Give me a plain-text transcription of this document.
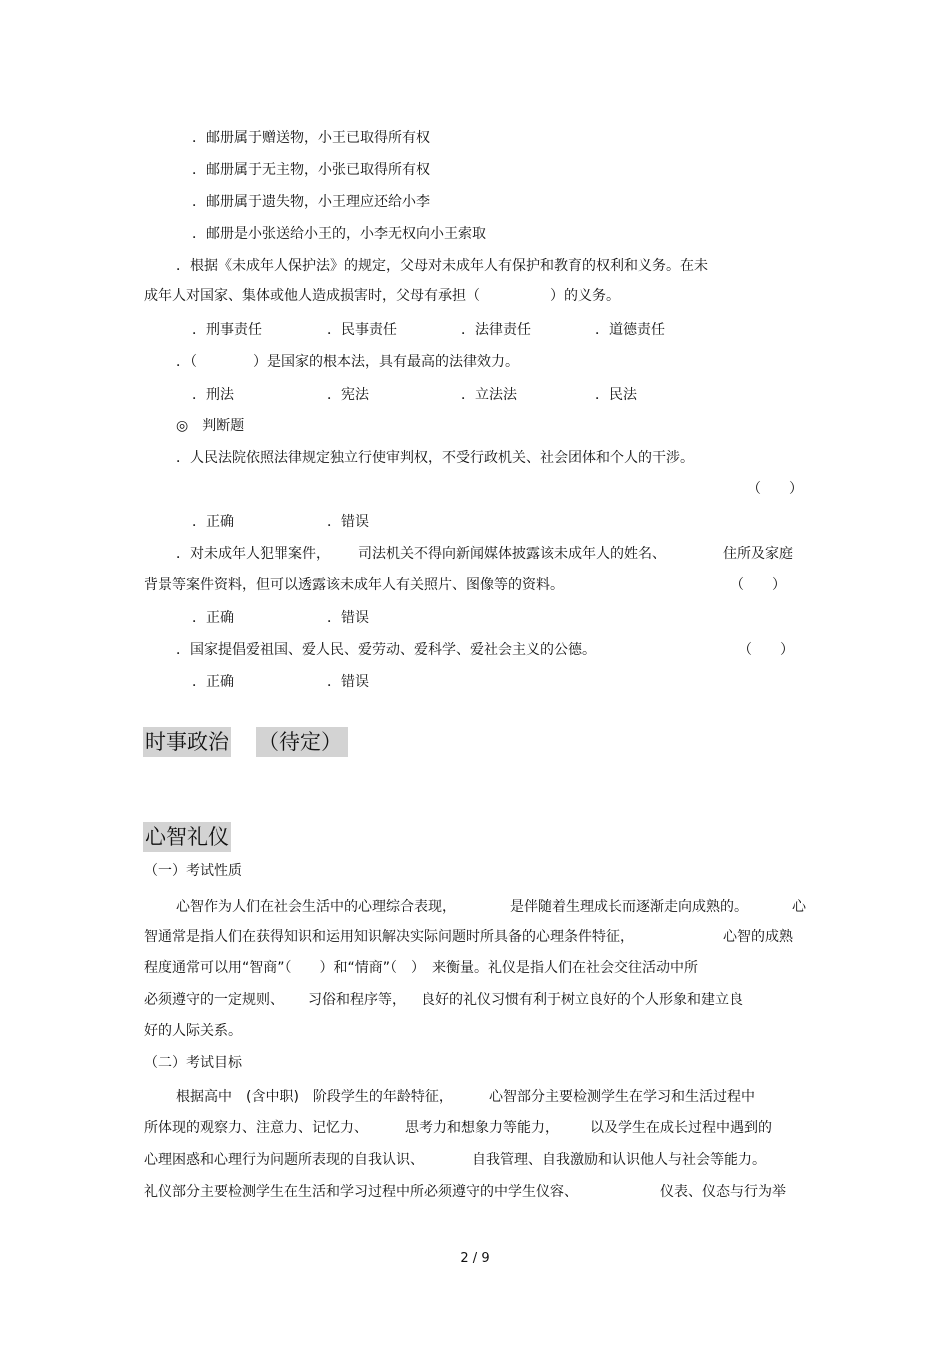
．邮册属于赠送物，小王已取得所有权
．邮册属于无主物，小张已取得所有权
．邮册属于遗失物，小王理应还给小李
．邮册是小张送给小王的，小李无权向小王索取
．根据《未成年人保护法》的规定，父母对未成年人有保护和教育的权利和义务。在未
成年人对国家、集体或他人造成损害时，父母有承担（　　　　　）的义务。
．刑事责任	．民事责任	．法律责任	．道德责任
．（　　　　）是国家的根本法，具有最高的法律效力。
．刑法	．宪法	．立法法	．民法
◎　判断题
．人民法院依照法律规定独立行使审判权，不受行政机关、社会团体和个人的干涉。
（　　）
．正确	．错误
．对未成年人犯罪案件， 司法机关不得向新闻媒体披露该未成年人的姓名、	住所及家庭
背景等案件资料，但可以透露该未成年人有关照片、图像等的资料。	（　　）
．正确	．错误
．国家提倡爱祖国、爱人民、爱劳动、爱科学、爱社会主义的公德。	（　　）
．正确	．错误
时事政治 （待定）
心智礼仪
（一）考试性质
心智作为人们在社会生活中的心理综合表现，	是伴随着生理成长而逐渐走向成熟的。	心
智通常是指人们在获得知识和运用知识解决实际问题时所具备的心理条件特征，	心智的成熟
程度通常可以用“智商”（　　）和“情商”（　）　来衡量。礼仪是指人们在社会交往活动中所
必须遵守的一定规则、 习俗和程序等， 良好的礼仪习惯有利于树立良好的个人形象和建立良
好的人际关系。
（二）考试目标
根据高中　(含中职)　阶段学生的年龄特征，	心智部分主要检测学生在学习和生活过程中
所体现的观察力、注意力、记忆力、	思考力和想象力等能力， 以及学生在成长过程中遇到的
心理困惑和心理行为问题所表现的自我认识、	自我管理、自我激励和认识他人与社会等能力。
礼仪部分主要检测学生在生活和学习过程中所必须遵守的中学生仪容、	仪表、仪态与行为举
2 / 9
